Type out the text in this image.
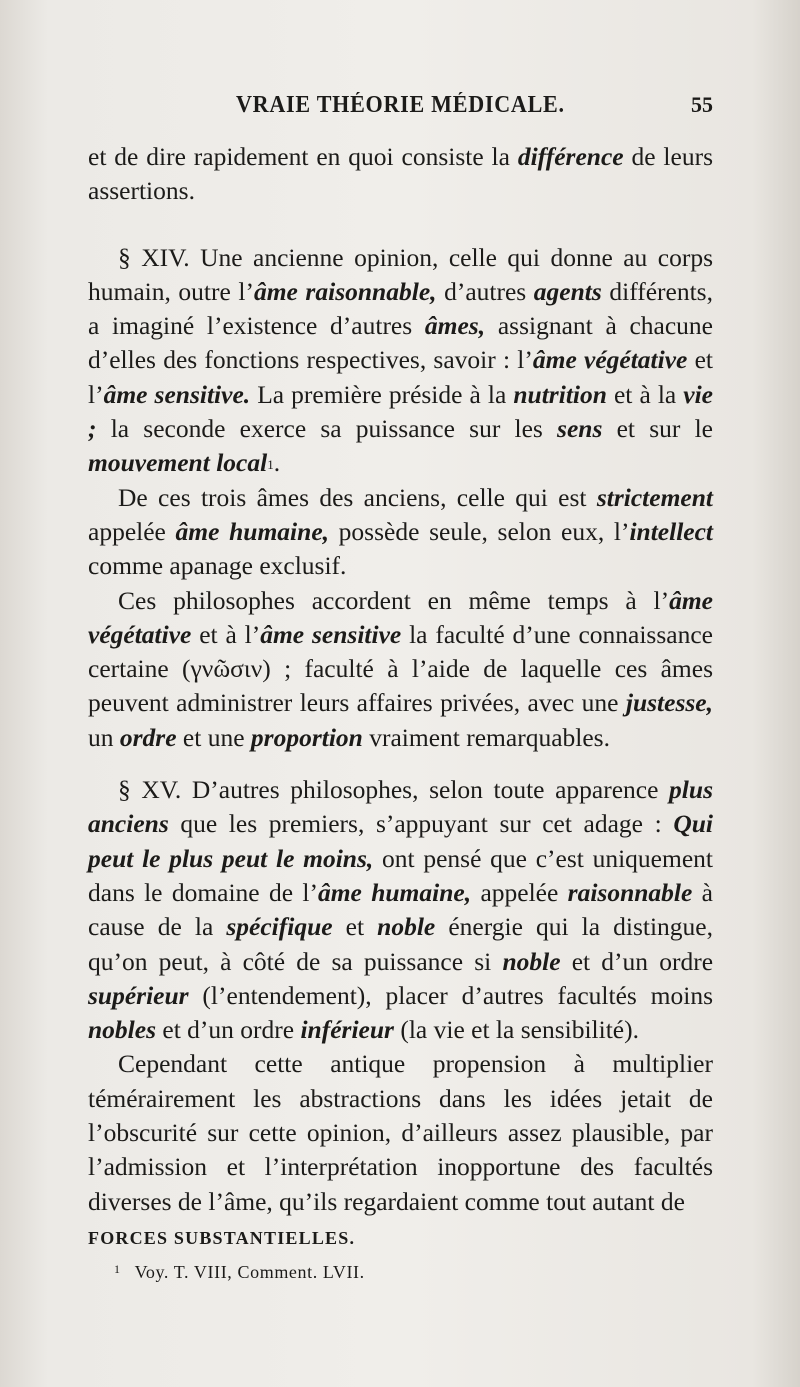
VRAIE THÉORIE MÉDICALE.	55

et de dire rapidement en quoi consiste la différence de leurs assertions.

§ XIV. Une ancienne opinion, celle qui donne au corps humain, outre l’âme raisonnable, d’autres agents différents, a imaginé l’existence d’autres âmes, assignant à chacune d’elles des fonctions respectives, savoir : l’âme végétative et l’âme sensitive. La première préside à la nutrition et à la vie ; la seconde exerce sa puissance sur les sens et sur le mouvement local$^1$.

De ces trois âmes des anciens, celle qui est strictement appelée âme humaine, possède seule, selon eux, l’intellect comme apanage exclusif.

Ces philosophes accordent en même temps à l’âme végétative et à l’âme sensitive la faculté d’une connaissance certaine (γνῶσιν) ; faculté à l’aide de laquelle ces âmes peuvent administrer leurs affaires privées, avec une justesse, un ordre et une proportion vraiment remarquables.

§ XV. D’autres philosophes, selon toute apparence plus anciens que les premiers, s’appuyant sur cet adage : Qui peut le plus peut le moins, ont pensé que c’est uniquement dans le domaine de l’âme humaine, appelée raisonnable à cause de la spécifique et noble énergie qui la distingue, qu’on peut, à côté de sa puissance si noble et d’un ordre supérieur (l’entendement), placer d’autres facultés moins nobles et d’un ordre inférieur (la vie et la sensibilité).

Cependant cette antique propension à multiplier témérairement les abstractions dans les idées jetait de l’obscurité sur cette opinion, d’ailleurs assez plausible, par l’admission et l’interprétation inopportune des facultés diverses de l’âme, qu’ils regardaient comme tout autant de
FORCES SUBSTANTIELLES.

$^1$ Voy. T. VIII, Comment. LVII.
